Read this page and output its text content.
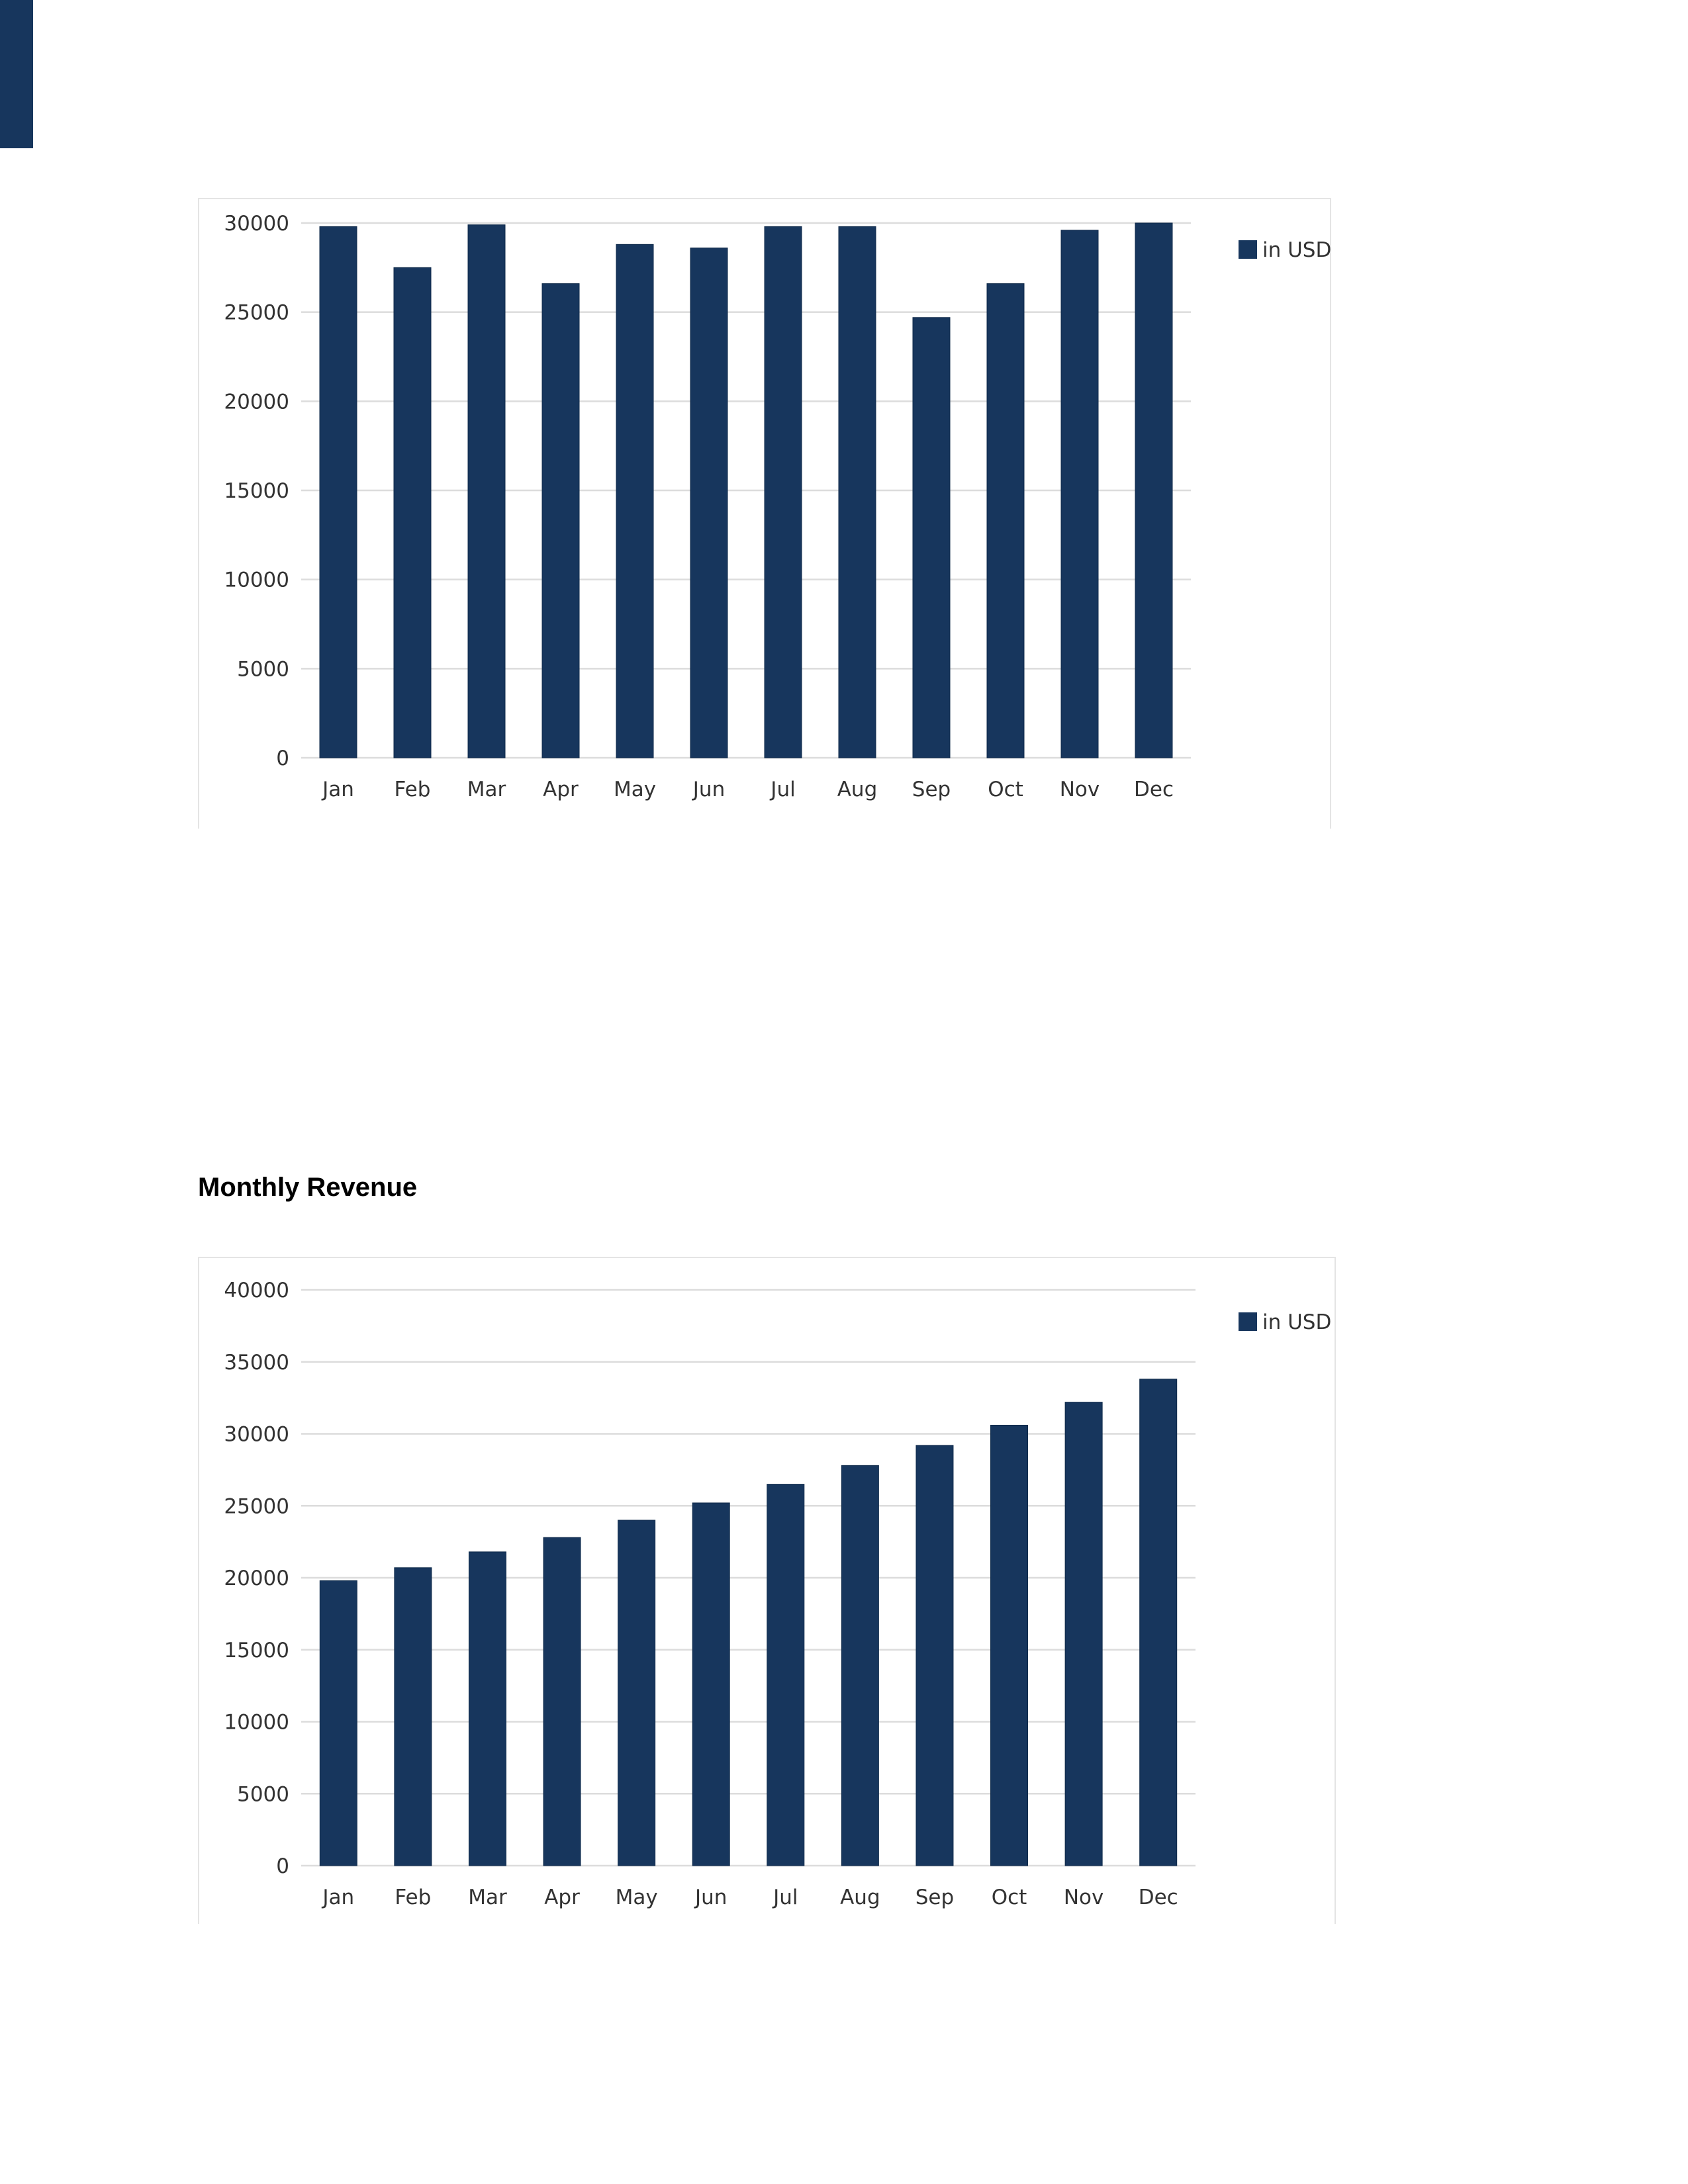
0
5000
10000
15000
20000
25000
30000
Jan Feb Mar Apr May Jun Jul Aug Sep Oct Nov Dec
in USD
Monthly Revenue
0
5000
10000
15000
20000
25000
30000
35000
40000
Jan Feb Mar Apr May Jun Jul Aug Sep Oct Nov Dec
in USD
